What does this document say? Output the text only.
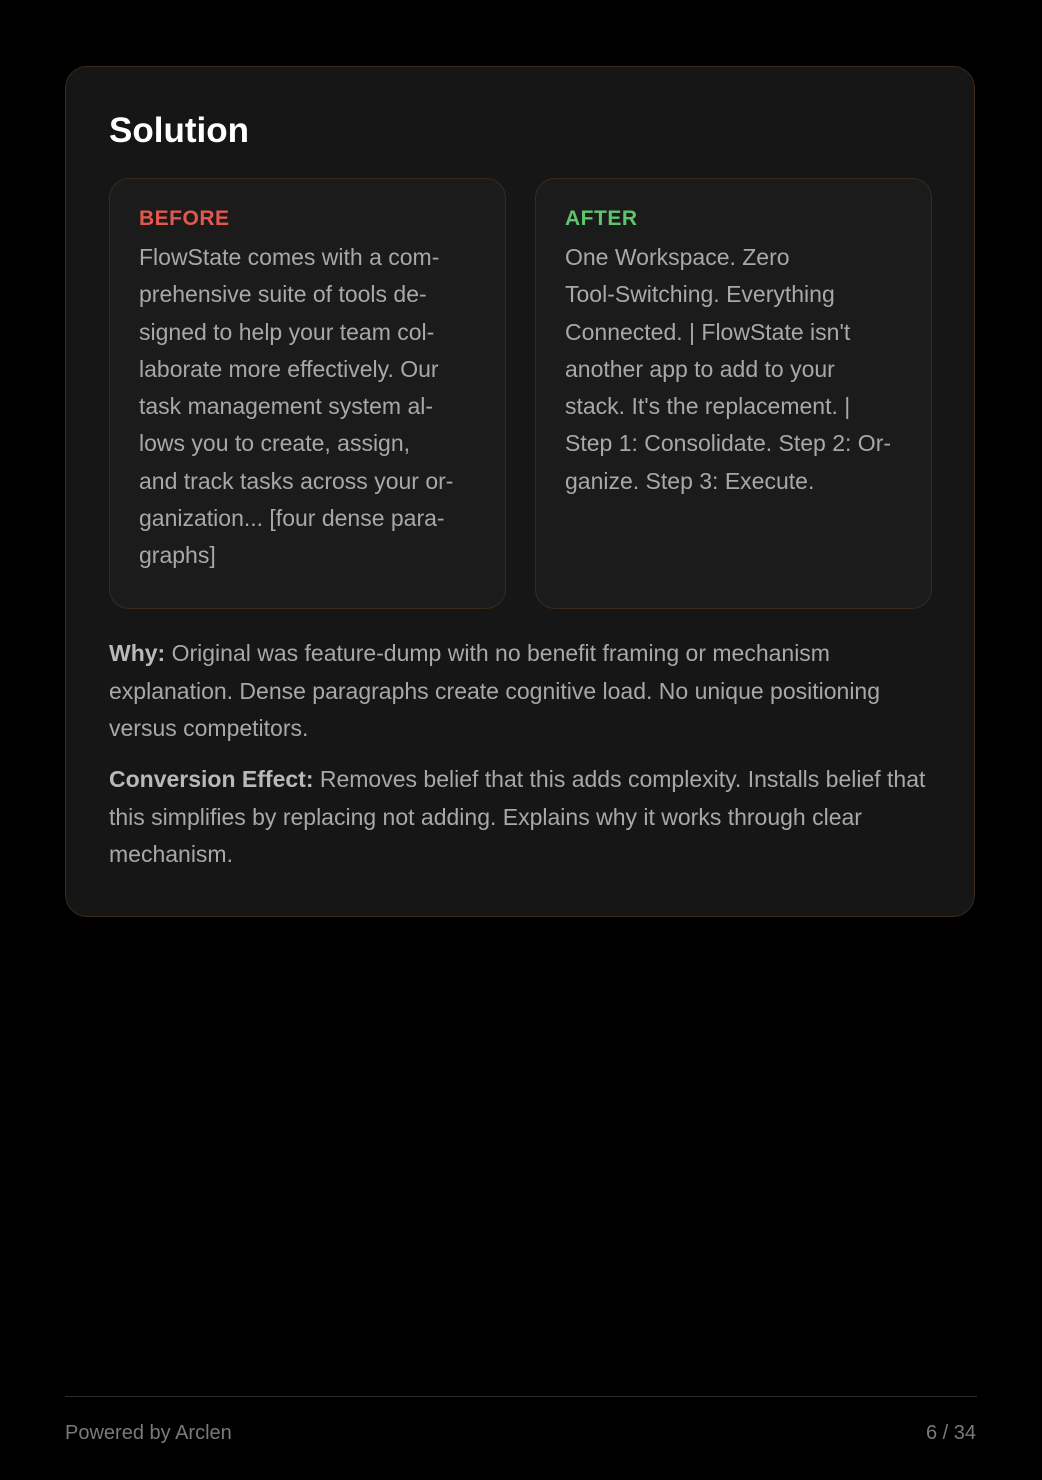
Solution
BEFORE

FlowState comes with a com-
prehensive suite of tools de-
signed to help your team col-
laborate more effectively. Our
task management system al-
lows you to create, assign,
and track tasks across your or-
ganization... [four dense para-
graphs]

AFTER

One Workspace. Zero
Tool-Switching. Everything
Connected. | FlowState isn't
another app to add to your
stack. It's the replacement. |
Step 1: Consolidate. Step 2: Or-
ganize. Step 3: Execute.

Why: Original was feature-dump with no benefit framing or mechanism explanation. Dense paragraphs create cognitive load. No unique positioning versus competitors.

Conversion Effect: Removes belief that this adds complexity. Installs belief that this simplifies by replacing not adding. Explains why it works through clear mechanism.

Powered by Arclen	6 / 34
